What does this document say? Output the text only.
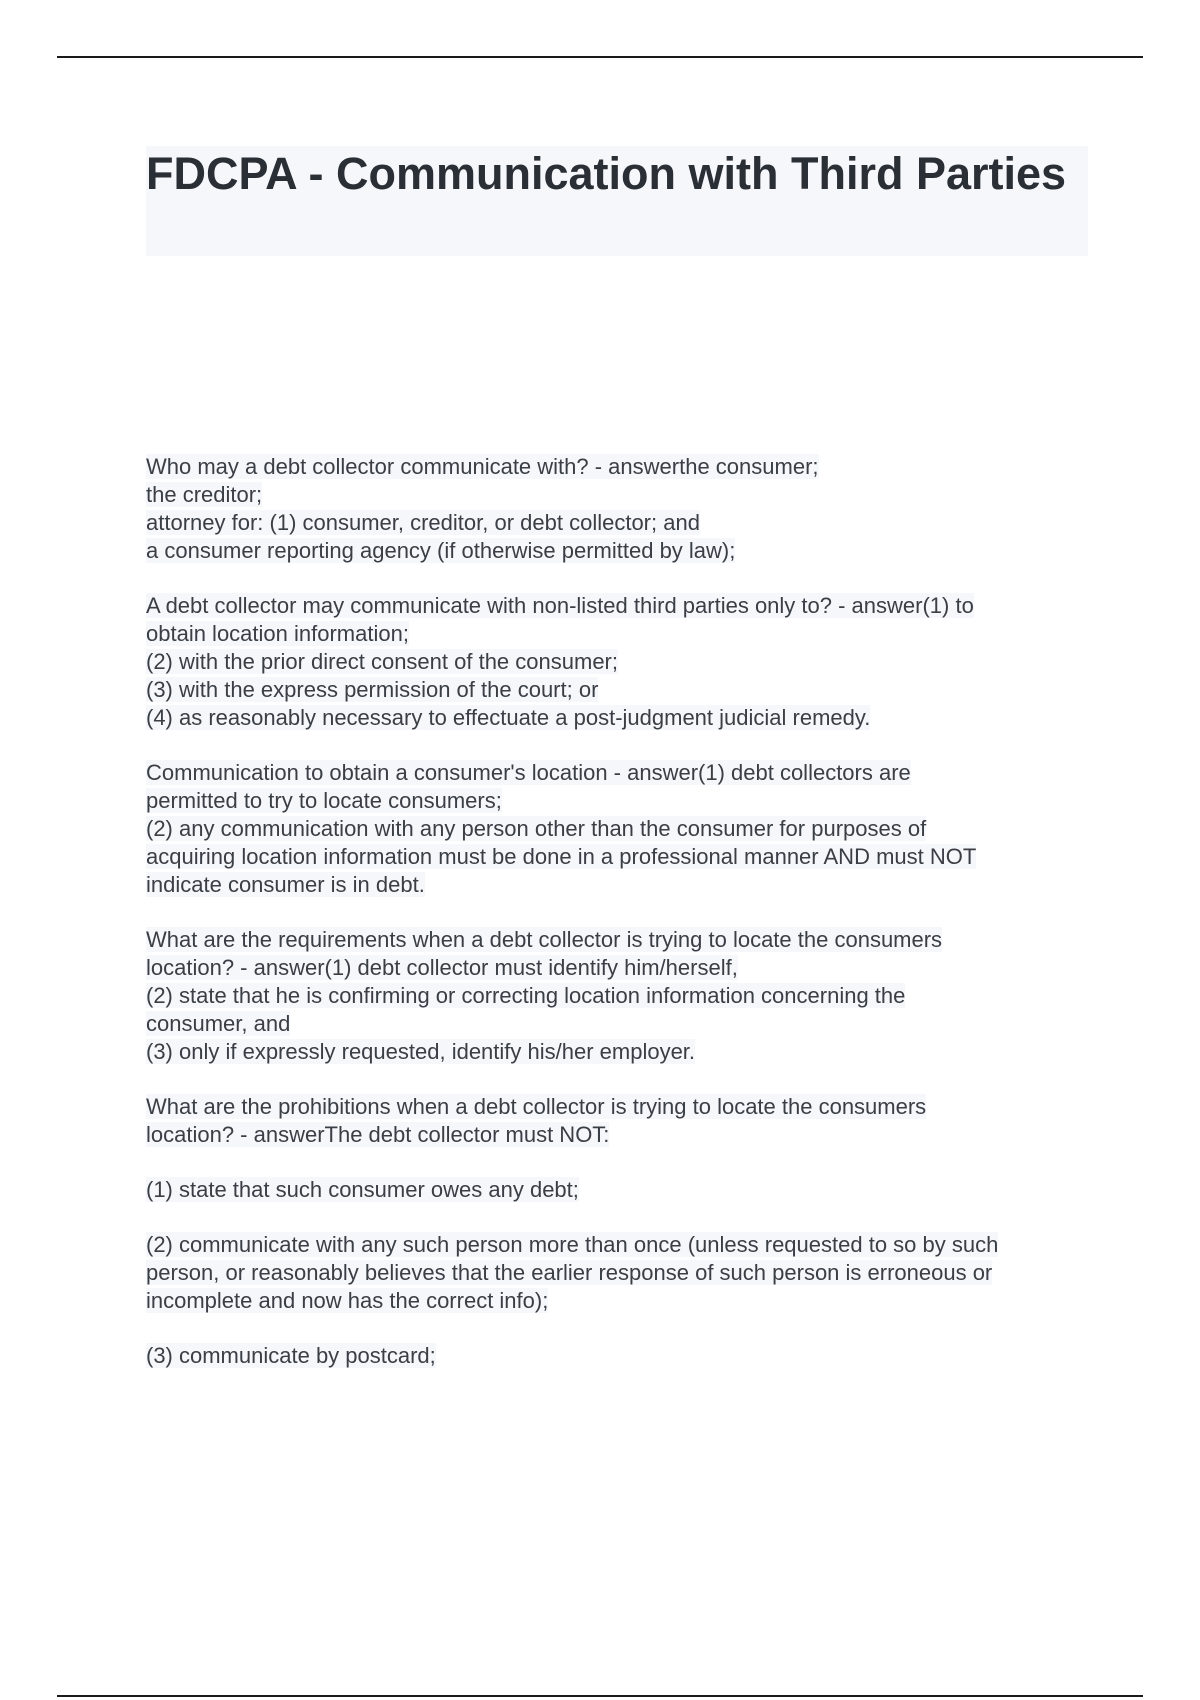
FDCPA - Communication with Third Parties
Who may a debt collector communicate with? - answerthe consumer;
the creditor;
attorney for: (1) consumer, creditor, or debt collector; and
a consumer reporting agency (if otherwise permitted by law);
A debt collector may communicate with non-listed third parties only to? - answer(1) to
obtain location information;
(2) with the prior direct consent of the consumer;
(3) with the express permission of the court; or
(4) as reasonably necessary to effectuate a post-judgment judicial remedy.
Communication to obtain a consumer's location - answer(1) debt collectors are
permitted to try to locate consumers;
(2) any communication with any person other than the consumer for purposes of
acquiring location information must be done in a professional manner AND must NOT
indicate consumer is in debt.
What are the requirements when a debt collector is trying to locate the consumers
location? - answer(1) debt collector must identify him/herself,
(2) state that he is confirming or correcting location information concerning the
consumer, and
(3) only if expressly requested, identify his/her employer.
What are the prohibitions when a debt collector is trying to locate the consumers
location? - answerThe debt collector must NOT:
(1) state that such consumer owes any debt;
(2) communicate with any such person more than once (unless requested to so by such
person, or reasonably believes that the earlier response of such person is erroneous or
incomplete and now has the correct info);
(3) communicate by postcard;
